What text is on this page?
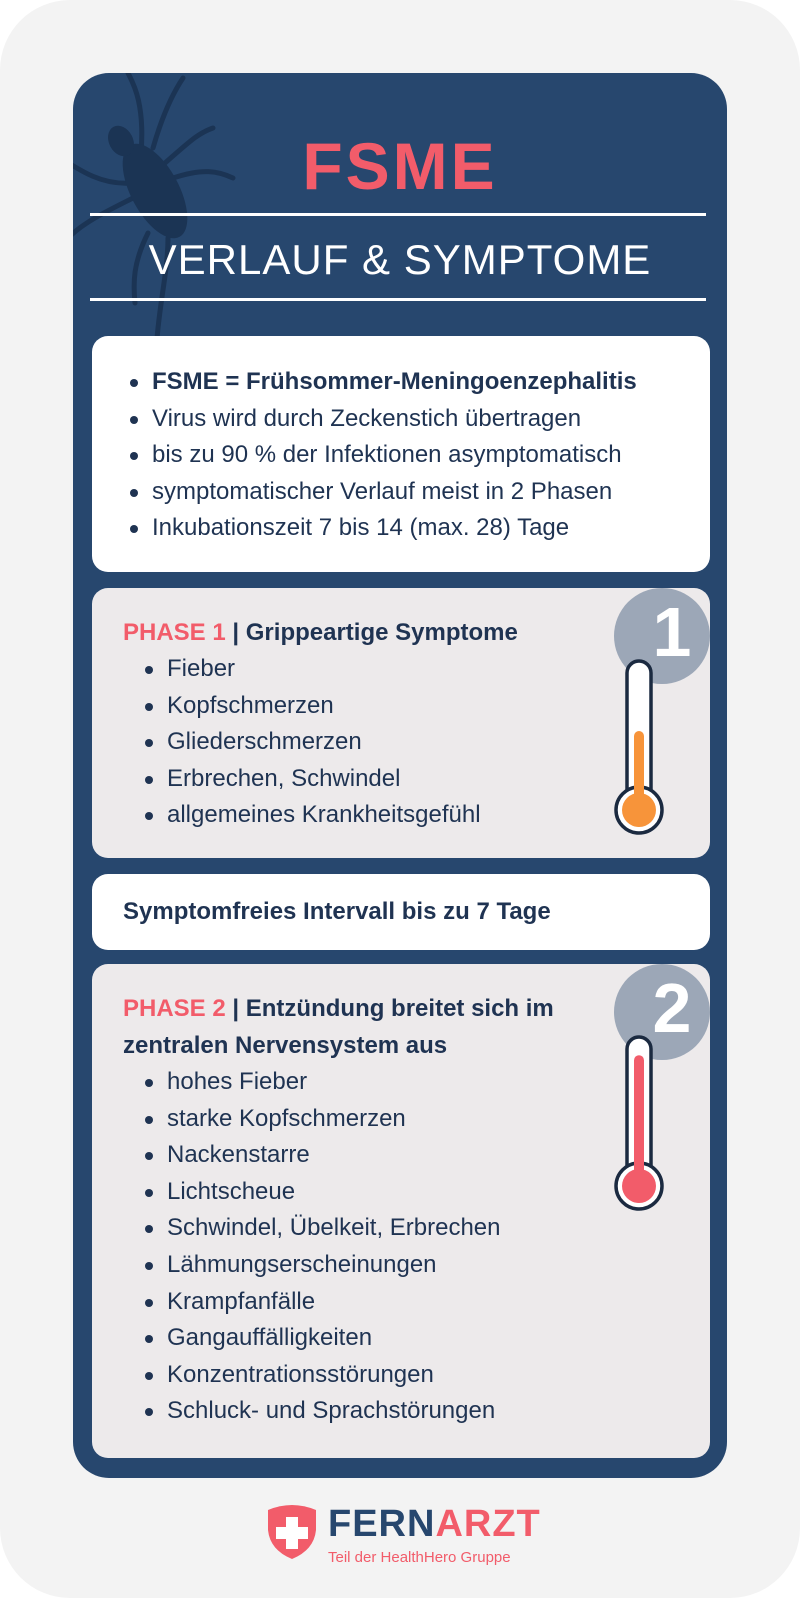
FSME
VERLAUF & SYMPTOME
FSME = Frühsommer-Meningoenzephalitis
Virus wird durch Zeckenstich übertragen
bis zu 90 % der Infektionen asymptomatisch
symptomatischer Verlauf meist in 2 Phasen
Inkubationszeit 7 bis 14 (max. 28) Tage
1
PHASE 1 | Grippeartige Symptome
Fieber
Kopfschmerzen
Gliederschmerzen
Erbrechen, Schwindel
allgemeines Krankheitsgefühl
Symptomfreies Intervall bis zu 7 Tage
2
PHASE 2 | Entzündung breitet sich im
zentralen Nervensystem aus
hohes Fieber
starke Kopfschmerzen
Nackenstarre
Lichtscheue
Schwindel, Übelkeit, Erbrechen
Lähmungserscheinungen
Krampfanfälle
Gangauffälligkeiten
Konzentrationsstörungen
Schluck- und Sprachstörungen
FERNARZT
Teil der HealthHero Gruppe
